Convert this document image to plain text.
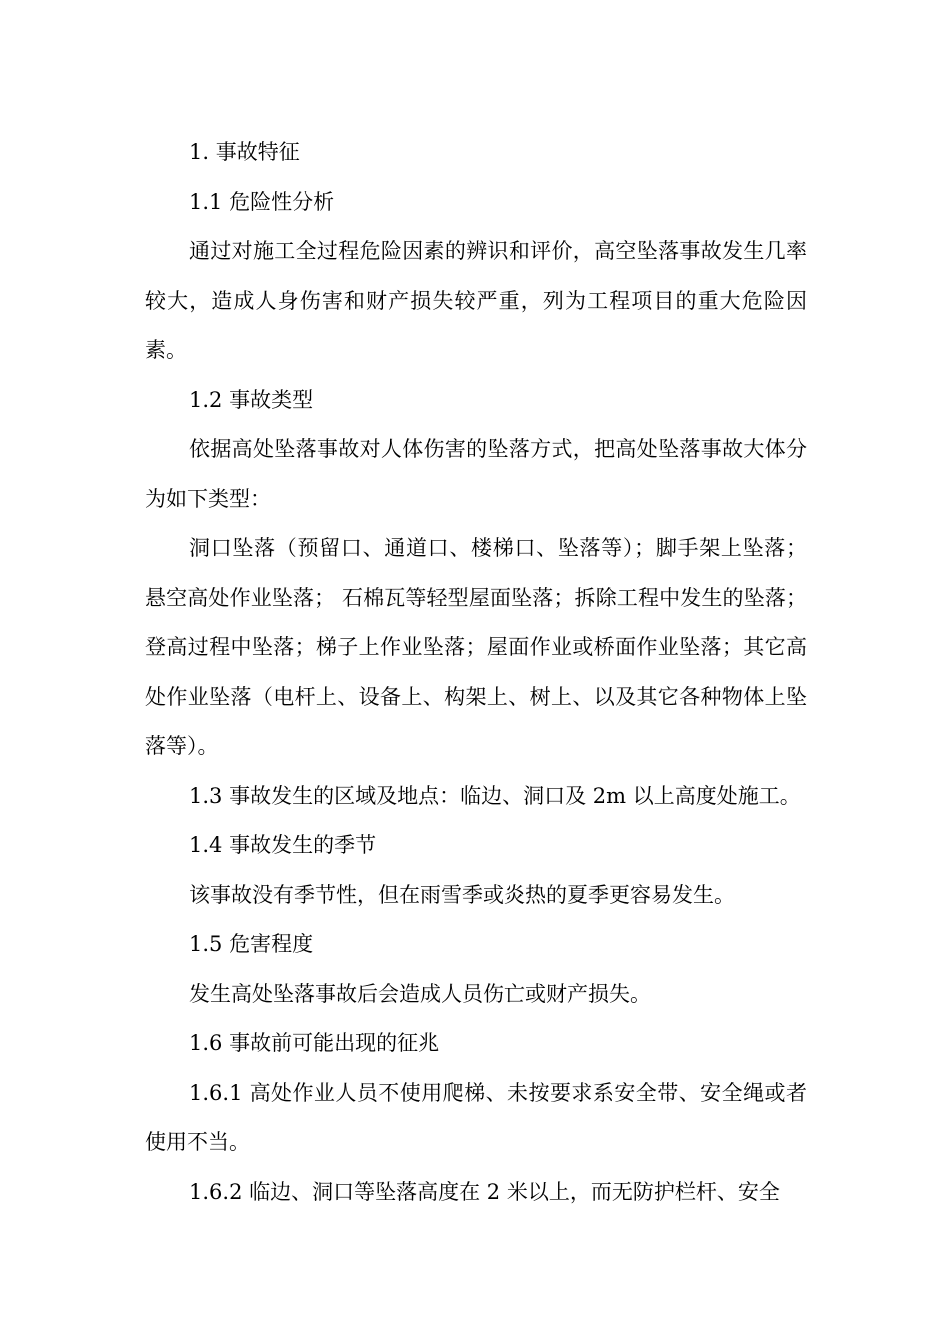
1. 事故特征

1.1 危险性分析

通过对施工全过程危险因素的辨识和评价，高空坠落事故发生几率较大，造成人身伤害和财产损失较严重，列为工程项目的重大危险因素。

1.2 事故类型

依据高处坠落事故对人体伤害的坠落方式，把高处坠落事故大体分为如下类型：

洞口坠落（预留口、通道口、楼梯口、坠落等）；脚手架上坠落；悬空高处作业坠落； 石棉瓦等轻型屋面坠落；拆除工程中发生的坠落；登高过程中坠落；梯子上作业坠落；屋面作业或桥面作业坠落；其它高处作业坠落（电杆上、设备上、构架上、树上、以及其它各种物体上坠落等）。

1.3 事故发生的区域及地点：临边、洞口及 2m 以上高度处施工。

1.4 事故发生的季节

该事故没有季节性，但在雨雪季或炎热的夏季更容易发生。

1.5 危害程度

发生高处坠落事故后会造成人员伤亡或财产损失。

1.6 事故前可能出现的征兆

1.6.1 高处作业人员不使用爬梯、未按要求系安全带、安全绳或者使用不当。

1.6.2 临边、洞口等坠落高度在 2 米以上，而无防护栏杆、安全
